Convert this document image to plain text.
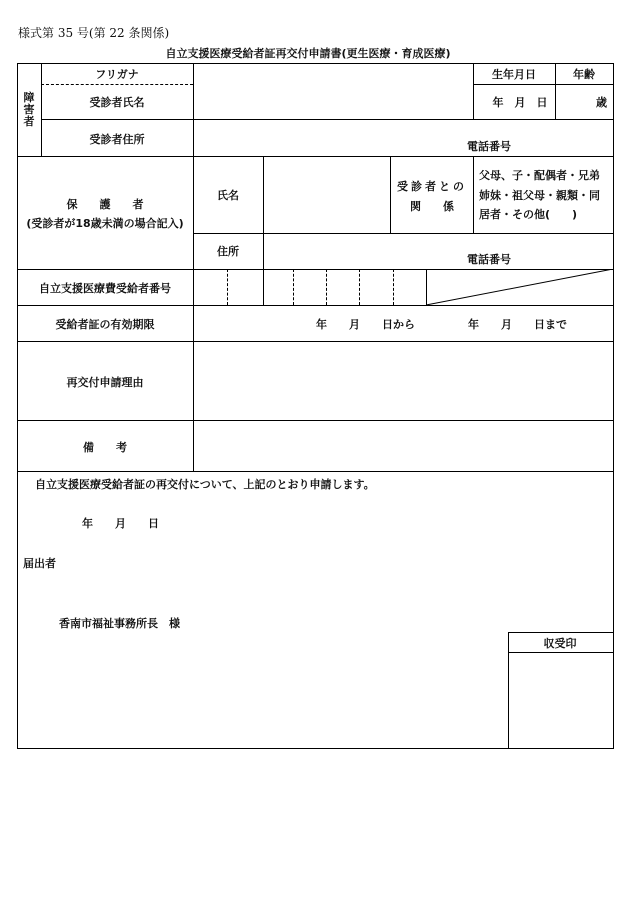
様式第 35 号(第 22 条関係)
自立支援医療受給者証再交付申請書(更生医療・育成医療)
障
害
者
フリガナ
受診者氏名
受診者住所
生年月日
年　月　日
年齢
歳
電話番号
保　　護　　者
(受診者が18歳未満の場合記入)
氏名
受診者との
関　　係
父母、子・配偶者・兄弟
姉妹・祖父母・親類・同
居者・その他(　　)
住所
電話番号
自立支援医療費受給者番号
受給者証の有効期限	年　　月　　日から	年　　月　　日まで
再交付申請理由
備　　考
自立支援医療受給者証の再交付について、上記のとおり申請します。
年　　月　　日
届出者
香南市福祉事務所長　様
収受印
